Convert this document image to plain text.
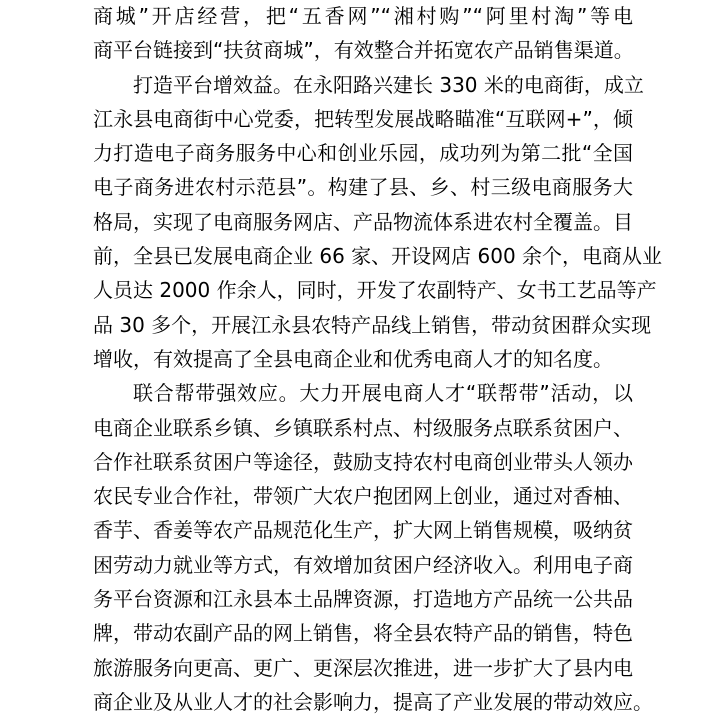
商城”开店经营，把“五香网”“湘村购”“阿里村淘”等电
商平台链接到“扶贫商城”，有效整合并拓宽农产品销售渠道。
打造平台增效益。在永阳路兴建长 330 米的电商街，成立
江永县电商街中心党委，把转型发展战略瞄准“互联网+”，倾
力打造电子商务服务中心和创业乐园，成功列为第二批“全国
电子商务进农村示范县”。构建了县、乡、村三级电商服务大
格局，实现了电商服务网店、产品物流体系进农村全覆盖。目
前，全县已发展电商企业 66 家、开设网店 600 余个，电商从业
人员达 2000 作余人，同时，开发了农副特产、女书工艺品等产
品 30 多个，开展江永县农特产品线上销售，带动贫困群众实现
增收，有效提高了全县电商企业和优秀电商人才的知名度。
联合帮带强效应。大力开展电商人才“联帮带”活动，以
电商企业联系乡镇、乡镇联系村点、村级服务点联系贫困户、
合作社联系贫困户等途径，鼓励支持农村电商创业带头人领办
农民专业合作社，带领广大农户抱团网上创业，通过对香柚、
香芋、香姜等农产品规范化生产，扩大网上销售规模，吸纳贫
困劳动力就业等方式，有效增加贫困户经济收入。利用电子商
务平台资源和江永县本土品牌资源，打造地方产品统一公共品
牌，带动农副产品的网上销售，将全县农特产品的销售，特色
旅游服务向更高、更广、更深层次推进，进一步扩大了县内电
商企业及从业人才的社会影响力，提高了产业发展的带动效应。
